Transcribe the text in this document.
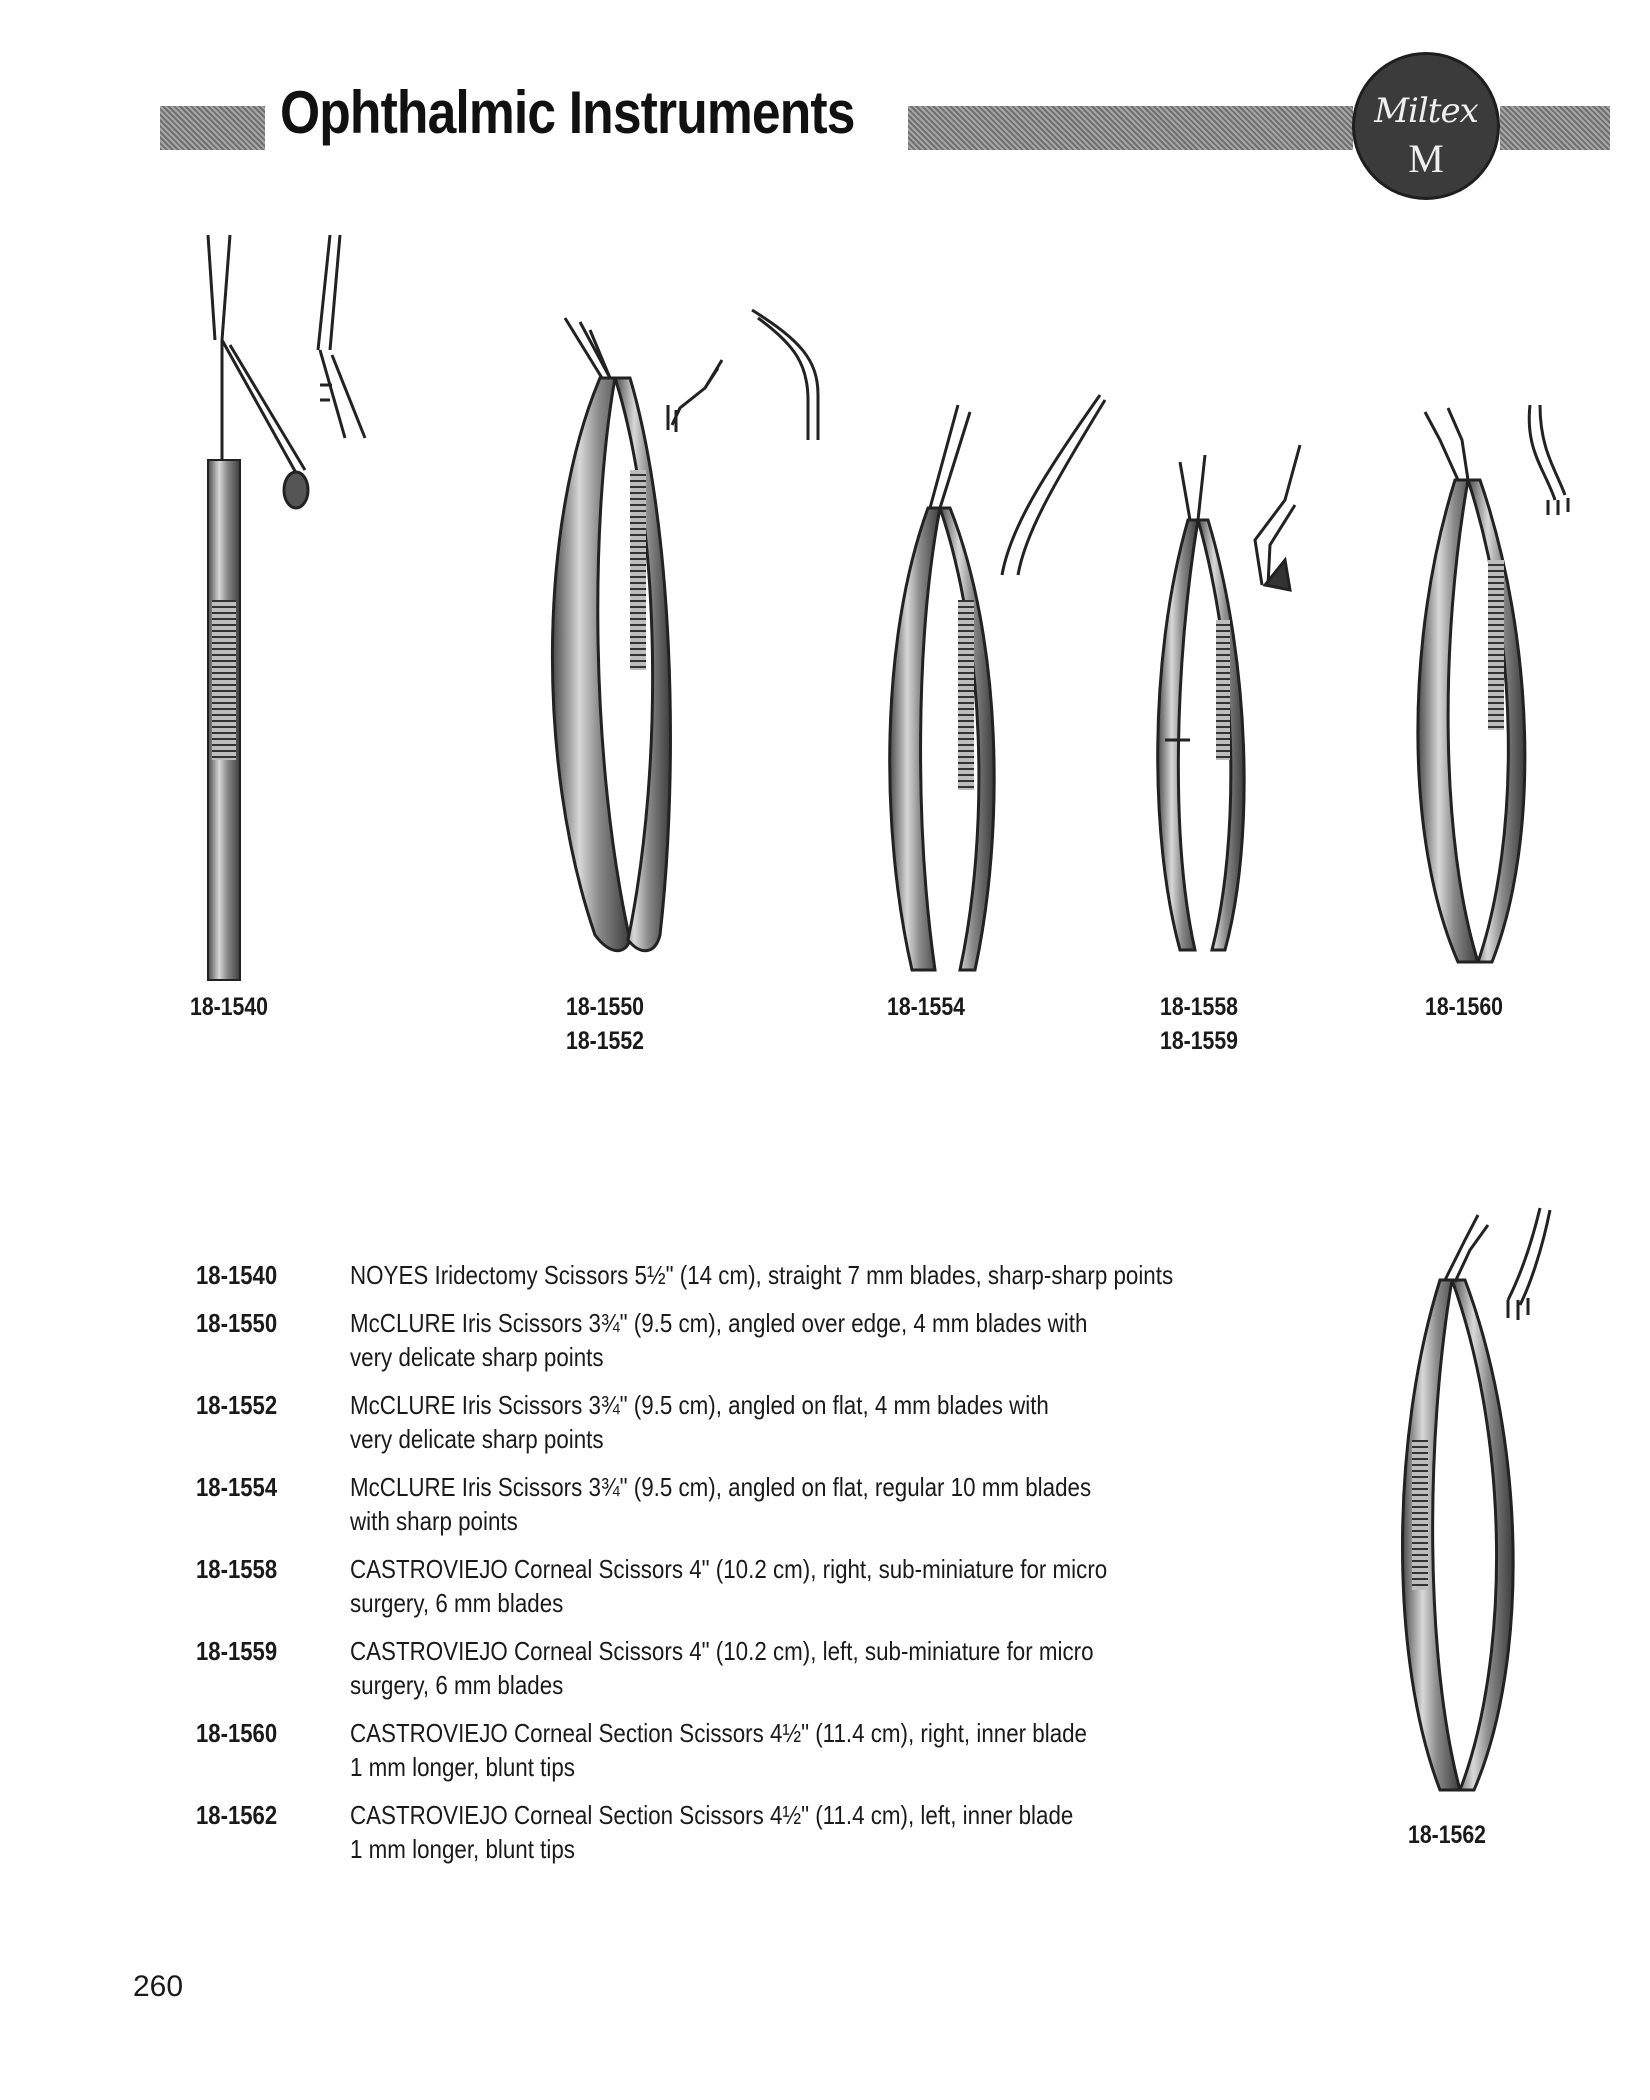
Ophthalmic Instruments	Miltex
M
18-1540	18-1550
18-1552
18-1554	18-1558
18-1559
18-1560
18-1562
18-1540	NOYES Iridectomy Scissors 5½" (14 cm), straight 7 mm blades, sharp-sharp points
18-1550	McCLURE Iris Scissors 3¾" (9.5 cm), angled over edge, 4 mm blades with
very delicate sharp points
18-1552	McCLURE Iris Scissors 3¾" (9.5 cm), angled on flat, 4 mm blades with
very delicate sharp points
18-1554	McCLURE Iris Scissors 3¾" (9.5 cm), angled on flat, regular 10 mm blades
with sharp points
18-1558	CASTROVIEJO Corneal Scissors 4" (10.2 cm), right, sub-miniature for micro
surgery, 6 mm blades
18-1559	CASTROVIEJO Corneal Scissors 4" (10.2 cm), left, sub-miniature for micro
surgery, 6 mm blades
18-1560	CASTROVIEJO Corneal Section Scissors 4½" (11.4 cm), right, inner blade
1 mm longer, blunt tips
18-1562	CASTROVIEJO Corneal Section Scissors 4½" (11.4 cm), left, inner blade
1 mm longer, blunt tips
260
